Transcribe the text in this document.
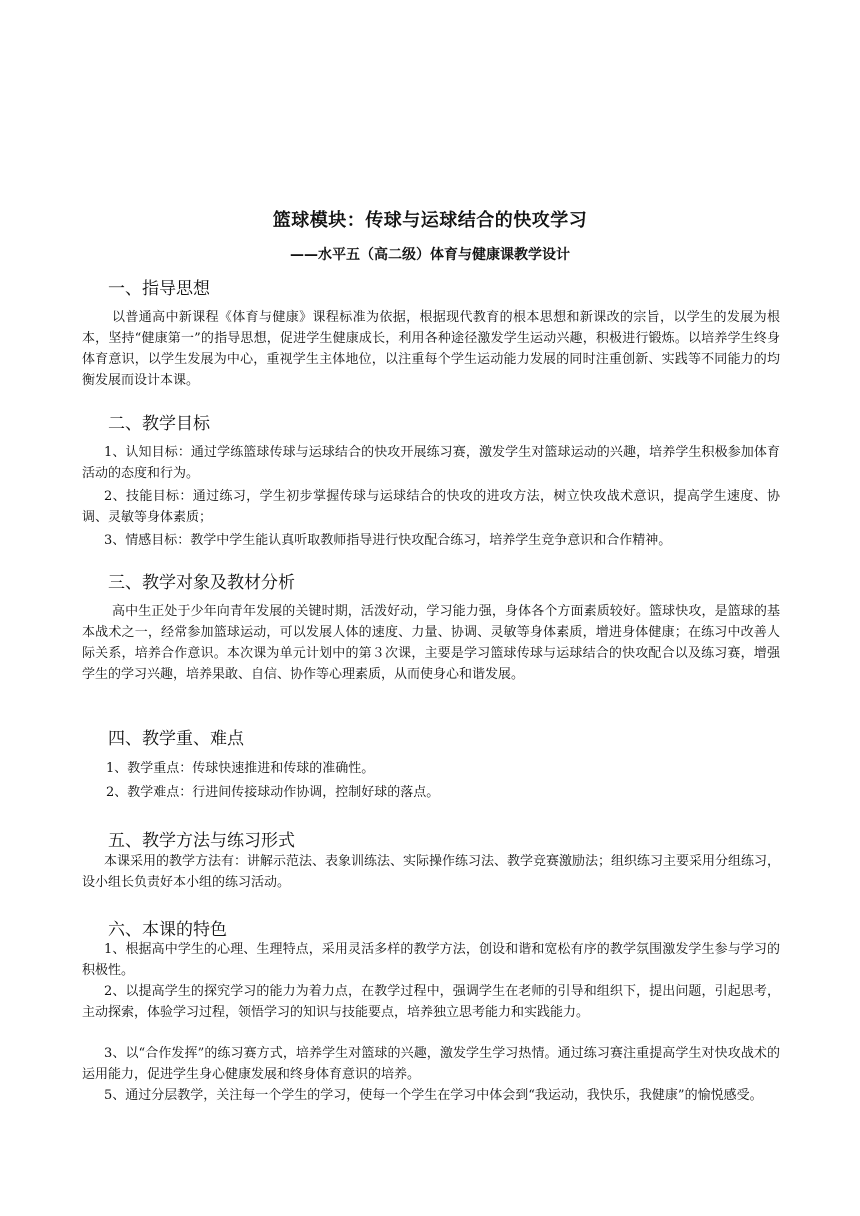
篮球模块：传球与运球结合的快攻学习
——水平五（高二级）体育与健康课教学设计
一、指导思想
以普通高中新课程《体育与健康》课程标准为依据，根据现代教育的根本思想和新课改的宗旨，以学生的发展为根本，坚持“健康第一”的指导思想，促进学生健康成长，利用各种途径激发学生运动兴趣，积极进行锻炼。以培养学生终身体育意识，以学生发展为中心，重视学生主体地位，以注重每个学生运动能力发展的同时注重创新、实践等不同能力的均衡发展而设计本课。
二、教学目标
1、认知目标：通过学练篮球传球与运球结合的快攻开展练习赛，激发学生对篮球运动的兴趣，培养学生积极参加体育活动的态度和行为。
2、技能目标：通过练习，学生初步掌握传球与运球结合的快攻的进攻方法，树立快攻战术意识，提高学生速度、协调、灵敏等身体素质；
3、情感目标：教学中学生能认真听取教师指导进行快攻配合练习，培养学生竞争意识和合作精神。
三、教学对象及教材分析
高中生正处于少年向青年发展的关键时期，活泼好动，学习能力强，身体各个方面素质较好。篮球快攻，是篮球的基本战术之一，经常参加篮球运动，可以发展人体的速度、力量、协调、灵敏等身体素质，增进身体健康；在练习中改善人际关系，培养合作意识。本次课为单元计划中的第３次课，主要是学习篮球传球与运球结合的快攻配合以及练习赛，增强学生的学习兴趣，培养果敢、自信、协作等心理素质，从而使身心和谐发展。
四、教学重、难点
1、教学重点：传球快速推进和传球的准确性。
2、教学难点：行进间传接球动作协调，控制好球的落点。
五、教学方法与练习形式
本课采用的教学方法有：讲解示范法、表象训练法、实际操作练习法、教学竞赛激励法；组织练习主要采用分组练习，设小组长负责好本小组的练习活动。
六、本课的特色
1、根据高中学生的心理、生理特点，采用灵活多样的教学方法，创设和谐和宽松有序的教学氛围激发学生参与学习的积极性。
2、以提高学生的探究学习的能力为着力点，在教学过程中，强调学生在老师的引导和组织下，提出问题，引起思考，主动探索，体验学习过程，领悟学习的知识与技能要点，培养独立思考能力和实践能力。
3、以“合作发挥”的练习赛方式，培养学生对篮球的兴趣，激发学生学习热情。通过练习赛注重提高学生对快攻战术的运用能力，促进学生身心健康发展和终身体育意识的培养。
5、通过分层教学，关注每一个学生的学习，使每一个学生在学习中体会到“我运动，我快乐，我健康”的愉悦感受。
